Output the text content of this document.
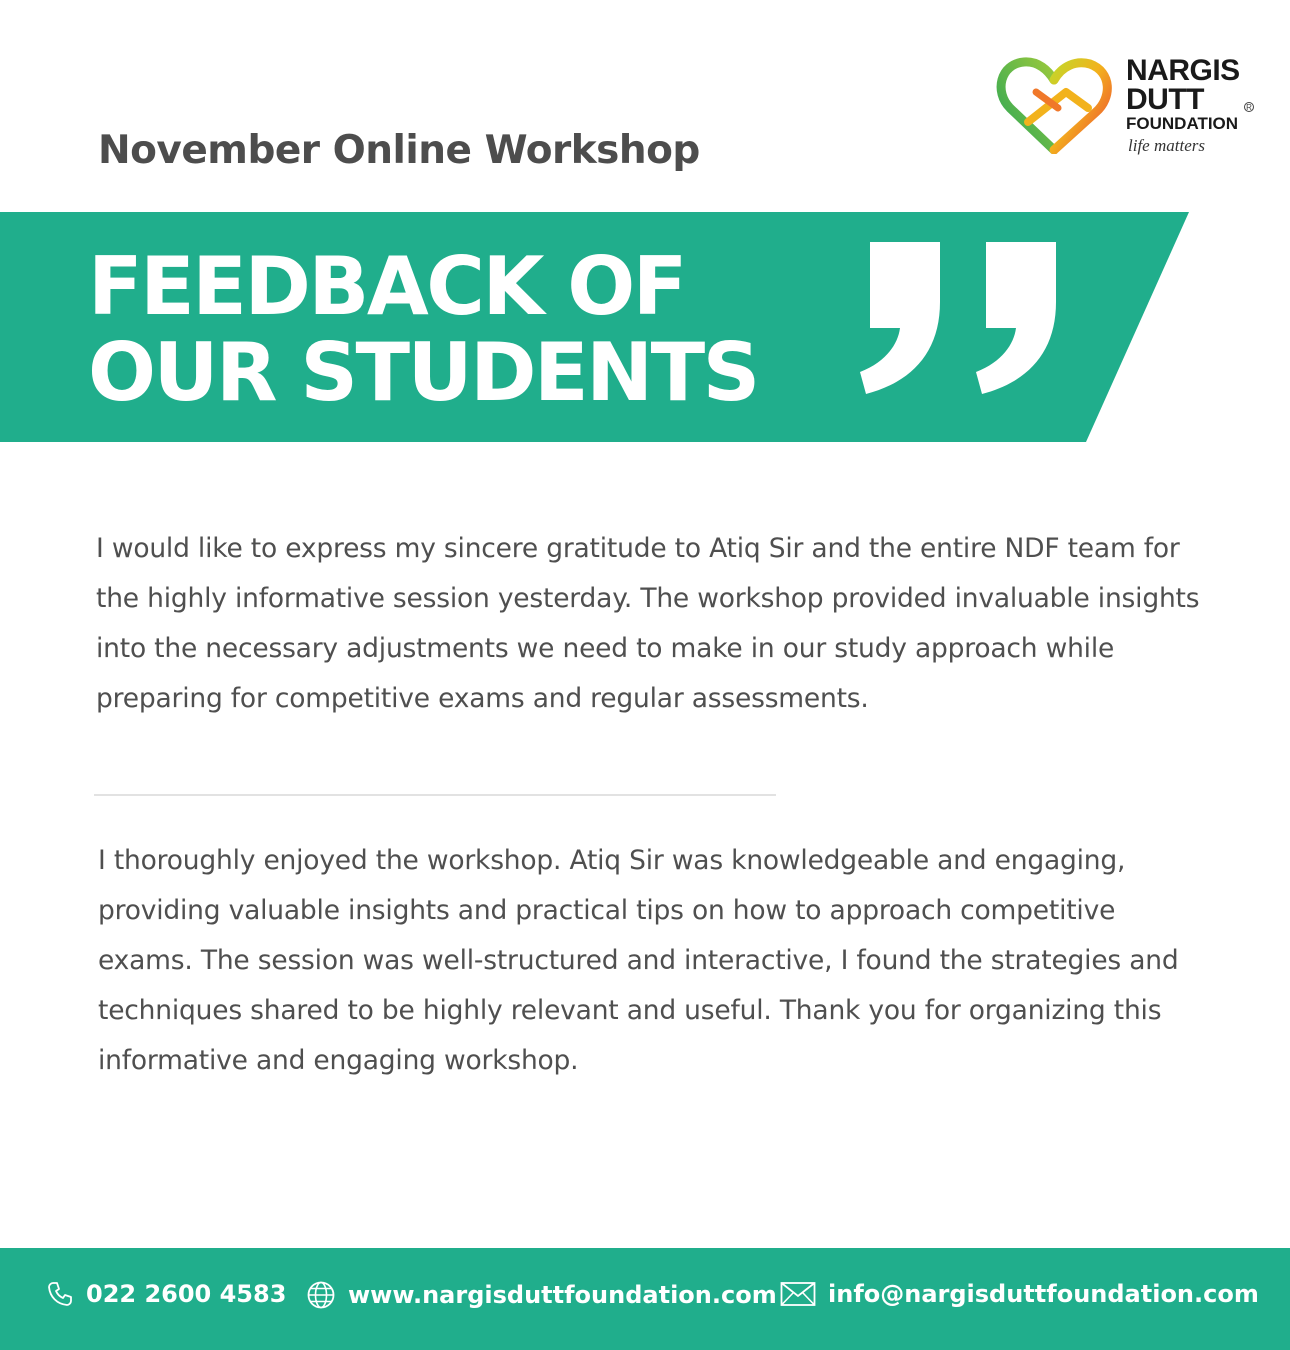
November Online Workshop
NARGIS
DUTT
FOUNDATION
life matters
R
FEEDBACK OF
OUR STUDENTS
I would like to express my sincere gratitude to Atiq Sir and the entire NDF team for the highly informative session yesterday. The workshop provided invaluable insights into the necessary adjustments we need to make in our study approach while preparing for competitive exams and regular assessments.
I thoroughly enjoyed the workshop. Atiq Sir was knowledgeable and engaging, providing valuable insights and practical tips on how to approach competitive exams. The session was well-structured and interactive, I found the strategies and techniques shared to be highly relevant and useful. Thank you for organizing this informative and engaging workshop.
022 2600 4583	www.nargisduttfoundation.com info@nargisduttfoundation.com
